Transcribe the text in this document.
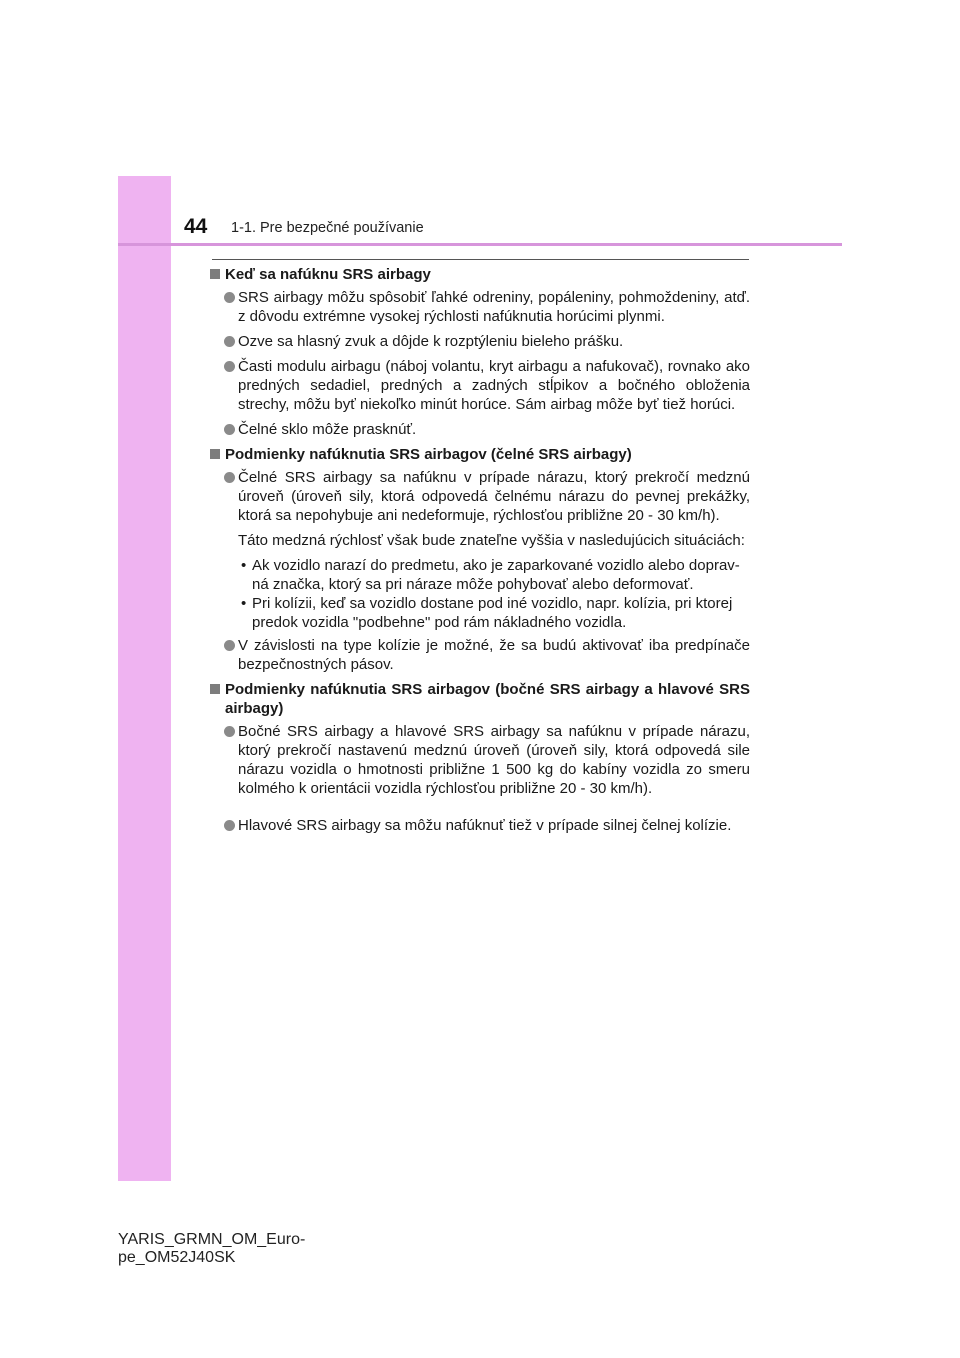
44 1-1. Pre bezpečné používanie
Keď sa nafúknu SRS airbagy
SRS airbagy môžu spôsobiť ľahké odreniny, popáleniny, pohmoždeniny, atď. z dôvodu extrémne vysokej rýchlosti nafúknutia horúcimi plynmi.
Ozve sa hlasný zvuk a dôjde k rozptýleniu bieleho prášku.
Časti modulu airbagu (náboj volantu, kryt airbagu a nafukovač), rovnako ako predných sedadiel, predných a zadných stĺpikov a bočného obloženia strechy, môžu byť niekoľko minút horúce. Sám airbag môže byť tiež horúci.
Čelné sklo môže prasknúť.
Podmienky nafúknutia SRS airbagov (čelné SRS airbagy)
Čelné SRS airbagy sa nafúknu v prípade nárazu, ktorý prekročí medznú úroveň (úroveň sily, ktorá odpovedá čelnému nárazu do pevnej prekážky, ktorá sa nepohybuje ani nedeformuje, rýchlosťou približne 20 - 30 km/h).
Táto medzná rýchlosť však bude znateľne vyššia v nasledujúcich situáciách:
• Ak vozidlo narazí do predmetu, ako je zaparkované vozidlo alebo doprav-ná značka, ktorý sa pri náraze môže pohybovať alebo deformovať.
• Pri kolízii, keď sa vozidlo dostane pod iné vozidlo, napr. kolízia, pri ktorej predok vozidla "podbehne" pod rám nákladného vozidla.
V závislosti na type kolízie je možné, že sa budú aktivovať iba predpínače bezpečnostných pásov.
Podmienky nafúknutia SRS airbagov (bočné SRS airbagy a hlavové SRS airbagy)
Bočné SRS airbagy a hlavové SRS airbagy sa nafúknu v prípade nárazu, ktorý prekročí nastavenú medznú úroveň (úroveň sily, ktorá odpovedá sile nárazu vozidla o hmotnosti približne 1 500 kg do kabíny vozidla zo smeru kolmého k orientácii vozidla rýchlosťou približne 20 - 30 km/h).
Hlavové SRS airbagy sa môžu nafúknuť tiež v prípade silnej čelnej kolízie.
YARIS_GRMN_OM_Euro-
pe_OM52J40SK
